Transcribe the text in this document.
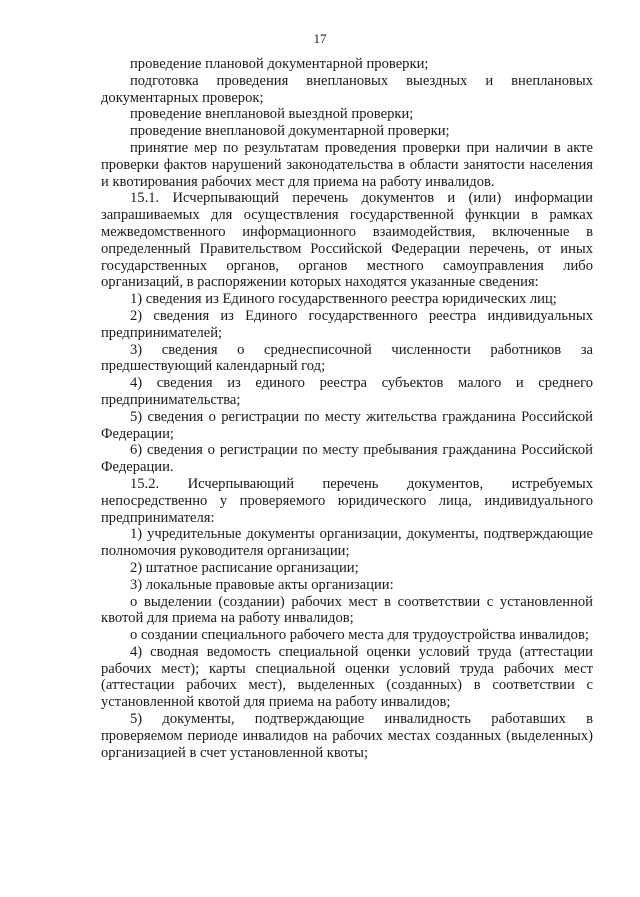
17

проведение плановой документарной проверки;

подготовка проведения внеплановых выездных и внеплановых документарных проверок;

проведение внеплановой выездной проверки;

проведение внеплановой документарной проверки;

принятие мер по результатам проведения проверки при наличии в акте проверки фактов нарушений законодательства в области занятости населения и квотирования рабочих мест для приема на работу инвалидов.

15.1. Исчерпывающий перечень документов и (или) информации запрашиваемых для осуществления государственной функции в рамках межведомственного информационного взаимодействия, включенные в определенный Правительством Российской Федерации перечень, от иных государственных органов, органов местного самоуправления либо организаций, в распоряжении которых находятся указанные сведения:

1) сведения из Единого государственного реестра юридических лиц;

2) сведения из Единого государственного реестра индивидуальных предпринимателей;

3) сведения о среднесписочной численности работников за предшествующий календарный год;

4) сведения из единого реестра субъектов малого и среднего предпринимательства;

5) сведения о регистрации по месту жительства гражданина Российской Федерации;

6) сведения о регистрации по месту пребывания гражданина Российской Федерации.

15.2. Исчерпывающий перечень документов, истребуемых непосредственно у проверяемого юридического лица, индивидуального предпринимателя:

1) учредительные документы организации, документы, подтверждающие полномочия руководителя организации;

2) штатное расписание организации;

3) локальные правовые акты организации:

о выделении (создании) рабочих мест в соответствии с установленной квотой для приема на работу инвалидов;

о создании специального рабочего места для трудоустройства инвалидов;

4) сводная ведомость специальной оценки условий труда (аттестации рабочих мест); карты специальной оценки условий труда рабочих мест (аттестации рабочих мест), выделенных (созданных) в соответствии с установленной квотой для приема на работу инвалидов;

5) документы, подтверждающие инвалидность работавших в проверяемом периоде инвалидов на рабочих местах созданных (выделенных) организацией в счет установленной квоты;
